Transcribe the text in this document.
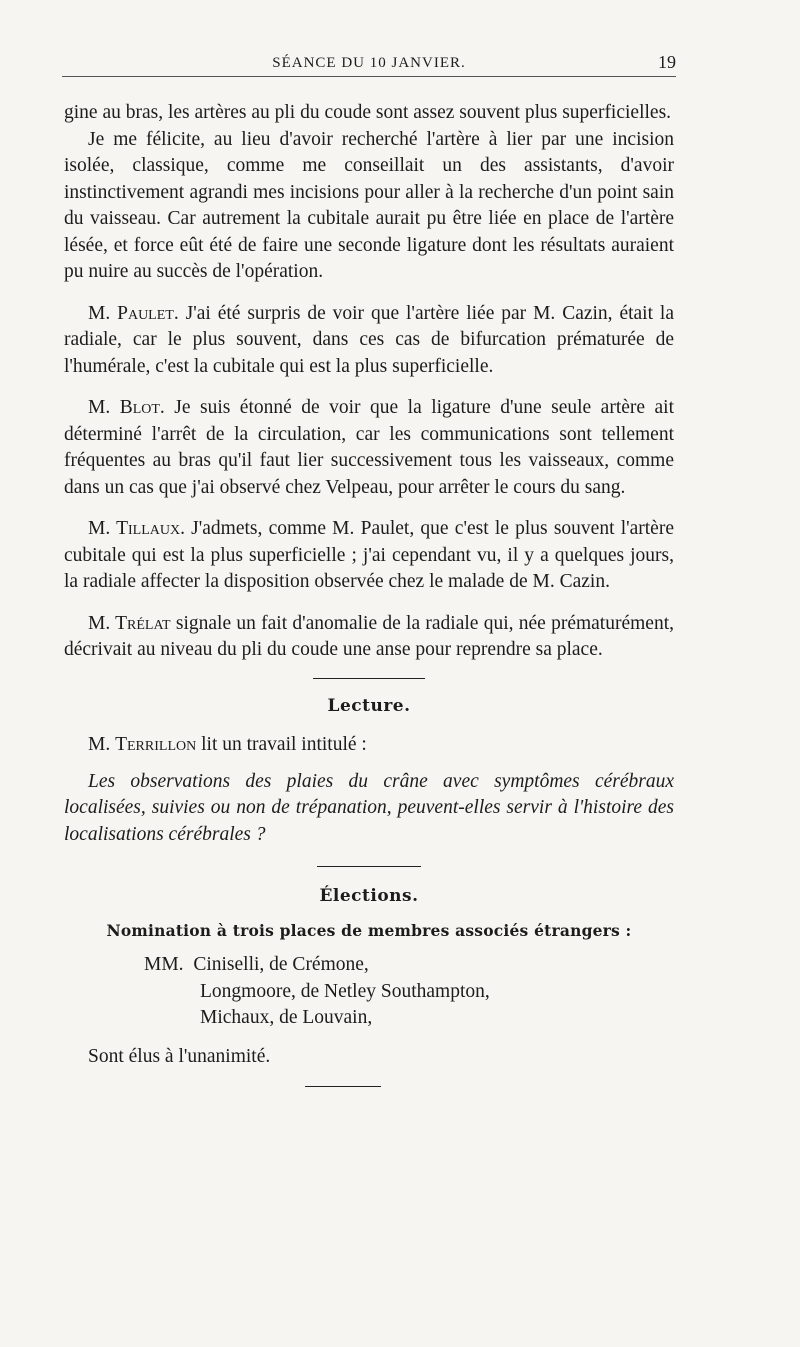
SÉANCE DU 10 JANVIER.	19

gine au bras, les artères au pli du coude sont assez souvent plus superficielles.

Je me félicite, au lieu d'avoir recherché l'artère à lier par une incision isolée, classique, comme me conseillait un des assistants, d'avoir instinctivement agrandi mes incisions pour aller à la recherche d'un point sain du vaisseau. Car autrement la cubitale aurait pu être liée en place de l'artère lésée, et force eût été de faire une seconde ligature dont les résultats auraient pu nuire au succès de l'opération.

M. Paulet. J'ai été surpris de voir que l'artère liée par M. Cazin, était la radiale, car le plus souvent, dans ces cas de bifurcation prématurée de l'humérale, c'est la cubitale qui est la plus superficielle.

M. Blot. Je suis étonné de voir que la ligature d'une seule artère ait déterminé l'arrêt de la circulation, car les communications sont tellement fréquentes au bras qu'il faut lier successivement tous les vaisseaux, comme dans un cas que j'ai observé chez Velpeau, pour arrêter le cours du sang.

M. Tillaux. J'admets, comme M. Paulet, que c'est le plus souvent l'artère cubitale qui est la plus superficielle ; j'ai cependant vu, il y a quelques jours, la radiale affecter la disposition observée chez le malade de M. Cazin.

M. Trélat signale un fait d'anomalie de la radiale qui, née prématurément, décrivait au niveau du pli du coude une anse pour reprendre sa place.

Lecture.

M. Terrillon lit un travail intitulé :

Les observations des plaies du crâne avec symptômes cérébraux localisées, suivies ou non de trépanation, peuvent-elles servir à l'histoire des localisations cérébrales ?

Élections.
Nomination à trois places de membres associés étrangers :
MM. Ciniselli, de Crémone,
Longmoore, de Netley Southampton,
Michaux, de Louvain,

Sont élus à l'unanimité.
